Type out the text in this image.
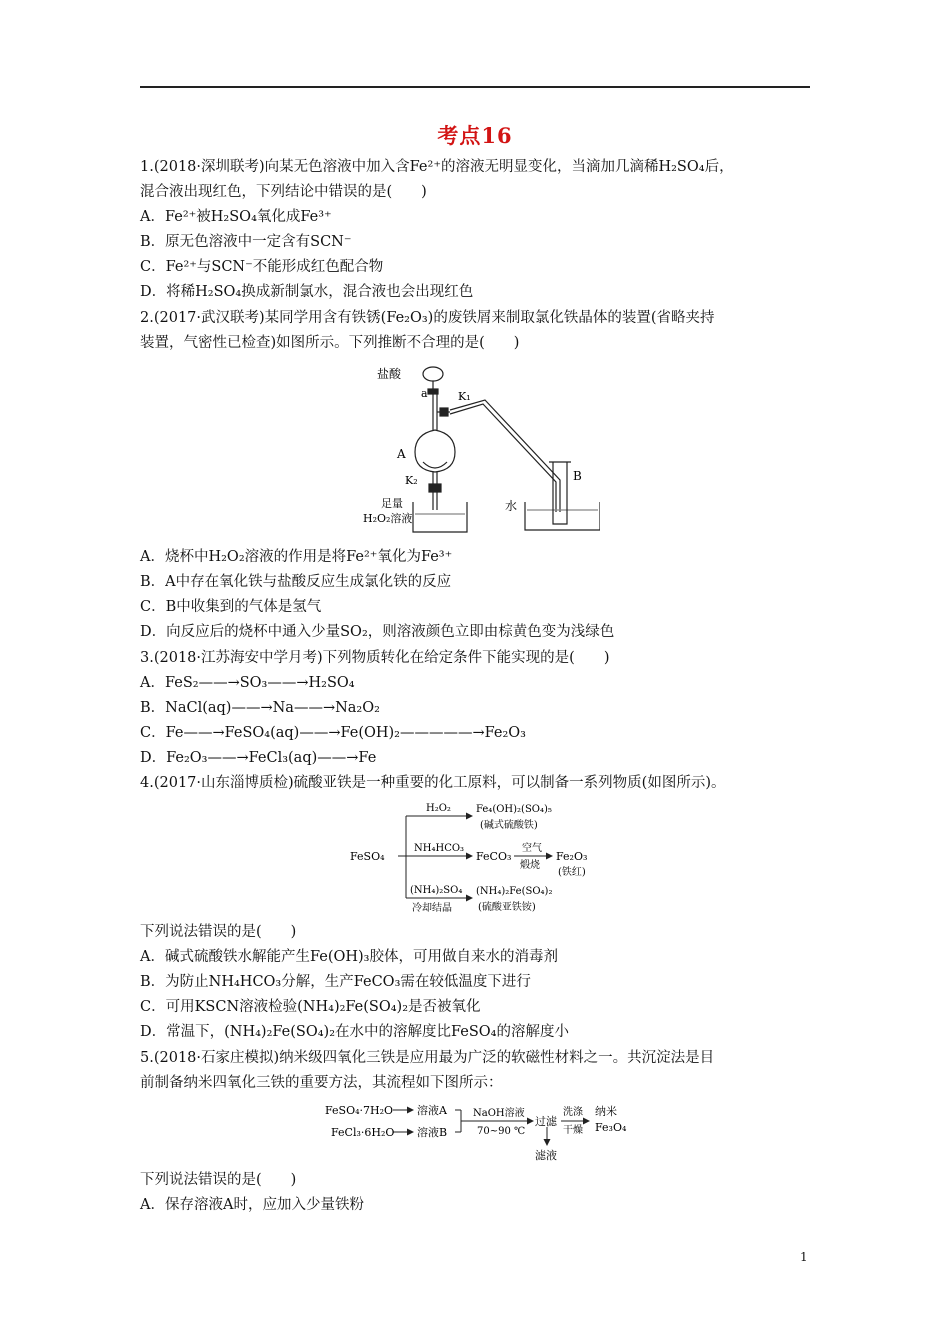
考点16
1.(2018·深圳联考)向某无色溶液中加入含Fe²⁺的溶液无明显变化，当滴加几滴稀H₂SO₄后，
混合液出现红色，下列结论中错误的是(　　)
A．Fe²⁺被H₂SO₄氧化成Fe³⁺
B．原无色溶液中一定含有SCN⁻
C．Fe²⁺与SCN⁻不能形成红色配合物
D．将稀H₂SO₄换成新制氯水，混合液也会出现红色
2.(2017·武汉联考)某同学用含有铁锈(Fe₂O₃)的废铁屑来制取氯化铁晶体的装置(省略夹持
装置，气密性已检查)如图所示。下列推断不合理的是(　　)
盐酸
a	K₁
A
K₂
足量
H₂O₂溶液
水
B
A．烧杯中H₂O₂溶液的作用是将Fe²⁺氧化为Fe³⁺
B．A中存在氧化铁与盐酸反应生成氯化铁的反应
C．B中收集到的气体是氢气
D．向反应后的烧杯中通入少量SO₂，则溶液颜色立即由棕黄色变为浅绿色
3.(2018·江苏海安中学月考)下列物质转化在给定条件下能实现的是(　　)
A．FeS₂——→SO₃——→H₂SO₄
B．NaCl(aq)——→Na——→Na₂O₂
C．Fe——→FeSO₄(aq)——→Fe(OH)₂—————→Fe₂O₃
D．Fe₂O₃——→FeCl₃(aq)——→Fe
4.(2017·山东淄博质检)硫酸亚铁是一种重要的化工原料，可以制备一系列物质(如图所示)。
FeSO₄
H₂O₂	Fe₄(OH)₂(SO₄)₅
(碱式硫酸铁)
NH₄HCO₃
FeCO₃
空气
煅烧
Fe₂O₃
(铁红)
(NH₄)₂SO₄
冷却结晶
(NH₄)₂Fe(SO₄)₂
(硫酸亚铁铵)
下列说法错误的是(　　)
A．碱式硫酸铁水解能产生Fe(OH)₃胶体，可用做自来水的消毒剂
B．为防止NH₄HCO₃分解，生产FeCO₃需在较低温度下进行
C．可用KSCN溶液检验(NH₄)₂Fe(SO₄)₂是否被氧化
D．常温下，(NH₄)₂Fe(SO₄)₂在水中的溶解度比FeSO₄的溶解度小
5.(2018·石家庄模拟)纳米级四氧化三铁是应用最为广泛的软磁性材料之一。共沉淀法是目
前制备纳米四氧化三铁的重要方法，其流程如下图所示：
FeSO₄·7H₂O 溶液A
FeCl₃·6H₂O 溶液B
NaOH溶液
70~90 ℃
过滤
洗涤
干燥
纳米
Fe₃O₄
滤液
下列说法错误的是(　　)
A．保存溶液A时，应加入少量铁粉
1
